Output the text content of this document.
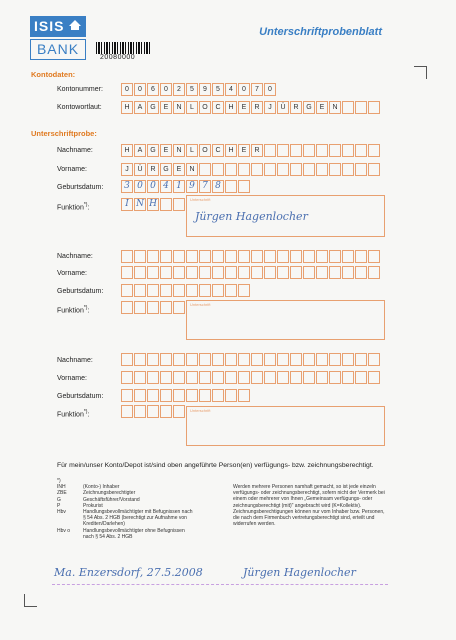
ISIS
BANK
20080000
Unterschriftprobenblatt
Kontodaten:
Kontonummer:	0	0	6	0	2	5	9	5	4	0	7	0
Kontowortlaut:	H	A	G	E	N	L	O	C	H	E	R	J	Ü	R	G	E	N
Unterschriftprobe:
Nachname:	H	A	G	E	N	L	O	C	H	E	R
Vorname:	J	Ü	R	G	E	N
Geburtsdatum:	3 0 0 4 1 9 7 8
Funktion*):	I N H	Unterschrift
Jürgen Hagenlocher
Nachname:
Vorname:
Geburtsdatum:
Funktion*):
Unterschrift
Nachname:
Vorname:
Geburtsdatum:
Funktion*):
Unterschrift
Für mein/unser Konto/Depot ist/sind oben angeführte Person(en) verfügungs- bzw. zeichnungsberechtigt.
*)
INH	(Konto-) Inhaber
ZBE	Zeichnungsberechtigter
G	Geschäftsführer/Vorstand
P	Prokurist
Hbv	Handlungsbevollmächtigter mit Befugnissen nach § 54 Abs. 2 HGB (berechtigt zur Aufnahme von Krediten/Darlehen)
Hbv o	Handlungsbevollmächtigter ohne Befugnissen nach § 54 Abs. 2 HGB
Werden mehrere Personen namhaft gemacht, so ist jede einzeln verfügungs- oder zeichnungsberechtigt, sofern nicht der Vermerk bei einem oder mehrerer von Ihnen „Gemeinsam verfügungs- oder zeichnungsberechtigt (mit)" angebracht wird (K=Kollektiv). Zeichnungsberechtigungen können nur vom Inhaber bzw. Personen, die nach dem Firmenbuch vertretungsberechtigt sind, erteilt und widerrufen werden.
Ma. Enzersdorf, 27.5.2008	Jürgen Hagenlocher
